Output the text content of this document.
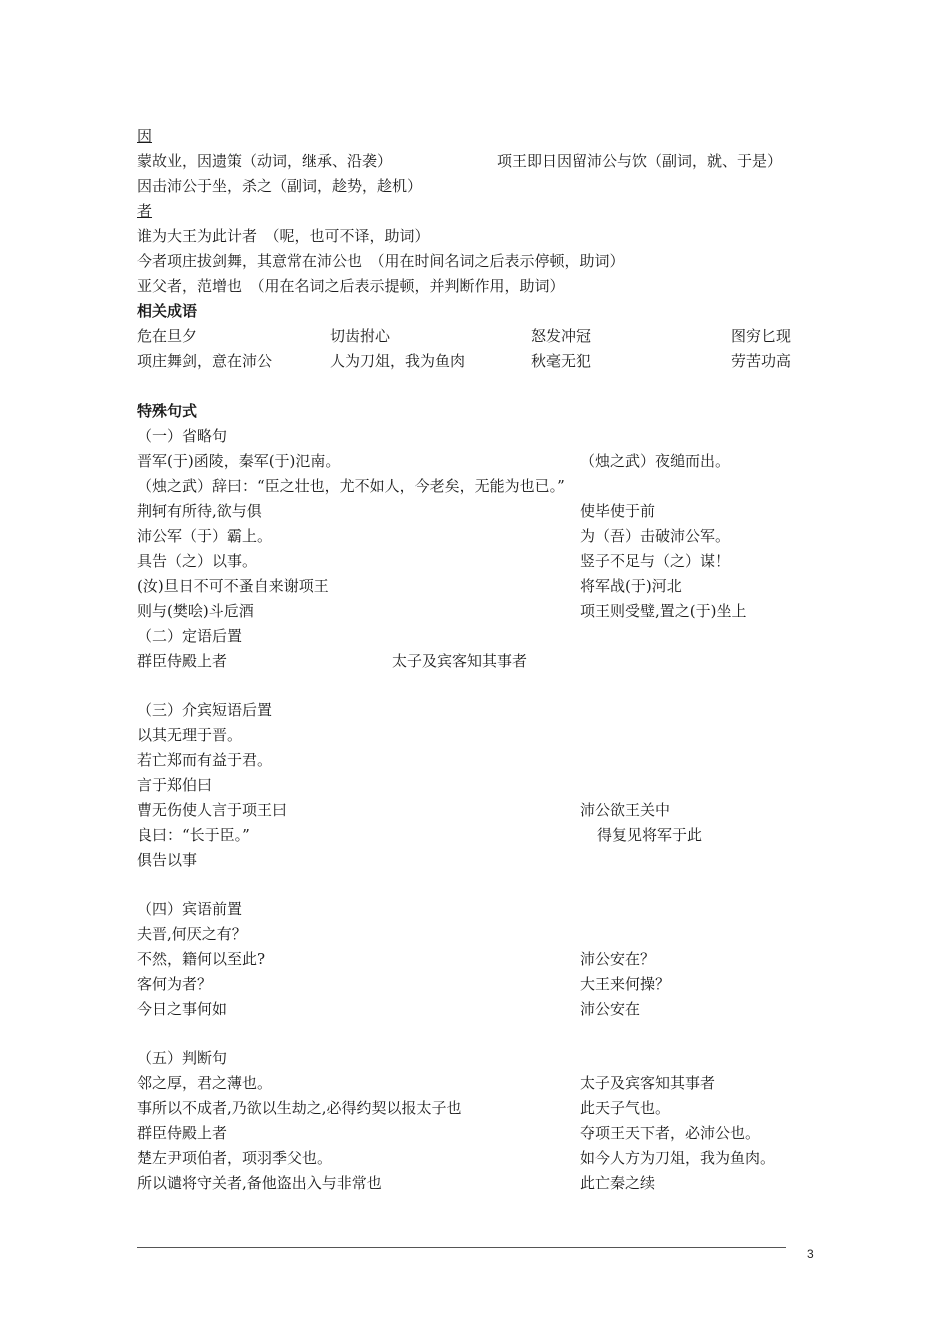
因
蒙故业，因遗策（动词，继承、沿袭）	项王即日因留沛公与饮（副词，就、于是）
因击沛公于坐，杀之（副词，趁势，趁机）
者
谁为大王为此计者　（呢，也可不译，助词）
今者项庄拔剑舞，其意常在沛公也　（用在时间名词之后表示停顿，助词）
亚父者，范增也　（用在名词之后表示提顿，并判断作用，助词）
相关成语
危在旦夕	切齿拊心	怒发冲冠	图穷匕现
项庄舞剑，意在沛公	人为刀俎，我为鱼肉	秋毫无犯	劳苦功高
特殊句式
（一）省略句
晋军(于)函陵，秦军(于)氾南。	（烛之武）夜缒而出。
（烛之武）辞曰：“臣之壮也，尤不如人，今老矣，无能为也已。”
荆轲有所待,欲与俱	使毕使于前
沛公军（于）霸上。	为（吾）击破沛公军。
具告（之）以事。	竖子不足与（之）谋！
(汝)旦日不可不蚤自来谢项王	将军战(于)河北
则与(樊哙)斗卮酒	项王则受璧,置之(于)坐上
（二）定语后置
群臣侍殿上者	太子及宾客知其事者
（三）介宾短语后置
以其无理于晋。
若亡郑而有益于君。
言于郑伯曰
曹无伤使人言于项王曰	沛公欲王关中
良曰：“长于臣。”	得复见将军于此
俱告以事
（四）宾语前置
夫晋,何厌之有？
不然，籍何以至此?	沛公安在？
客何为者？	大王来何操？
今日之事何如	沛公安在
（五）判断句
邻之厚，君之薄也。	太子及宾客知其事者
事所以不成者,乃欲以生劫之,必得约契以报太子也	此天子气也。
群臣侍殿上者	夺项王天下者，必沛公也。
楚左尹项伯者，项羽季父也。	如今人方为刀俎，我为鱼肉。
所以谴将守关者,备他盗出入与非常也	此亡秦之续
3
